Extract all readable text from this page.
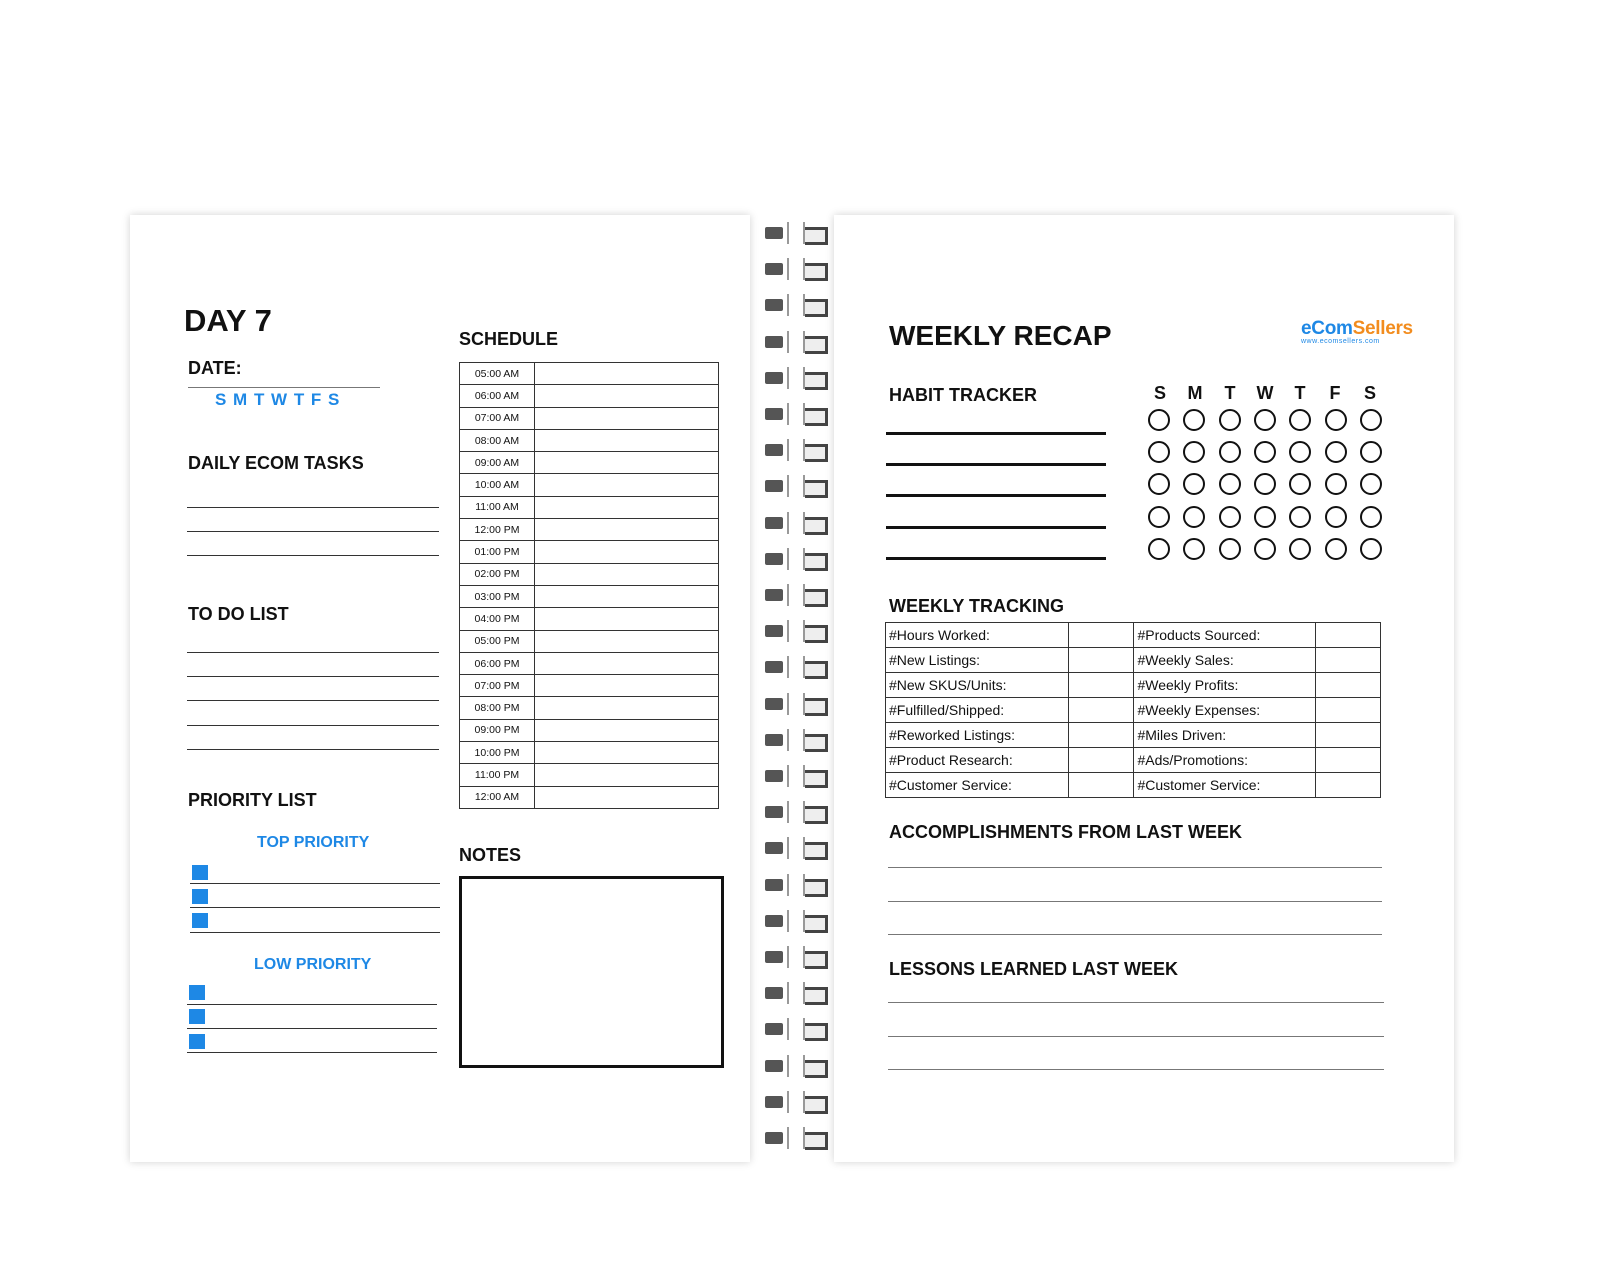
DAY 7
DATE:
S M T W T F S
DAILY ECOM TASKS
TO DO LIST
PRIORITY LIST
TOP PRIORITY
LOW PRIORITY
SCHEDULE
05:00 AM	
06:00 AM	
07:00 AM	
08:00 AM	
09:00 AM	
10:00 AM	
11:00 AM	
12:00 PM	
01:00 PM	
02:00 PM	
03:00 PM	
04:00 PM	
05:00 PM	
06:00 PM	
07:00 PM	
08:00 PM	
09:00 PM	
10:00 PM	
11:00 PM	
12:00 AM	
NOTES
WEEKLY RECAP	eComSellers
www.ecomsellers.com
HABIT TRACKER	S	M	T	W	T	F	S
WEEKLY TRACKING
#Hours Worked:		#Products Sourced:	
#New Listings:		#Weekly Sales:	
#New SKUS/Units:		#Weekly Profits:	
#Fulfilled/Shipped:		#Weekly Expenses:	
#Reworked Listings:		#Miles Driven:	
#Product Research:		#Ads/Promotions:	
#Customer Service:		#Customer Service:	
ACCOMPLISHMENTS FROM LAST WEEK
LESSONS LEARNED LAST WEEK
